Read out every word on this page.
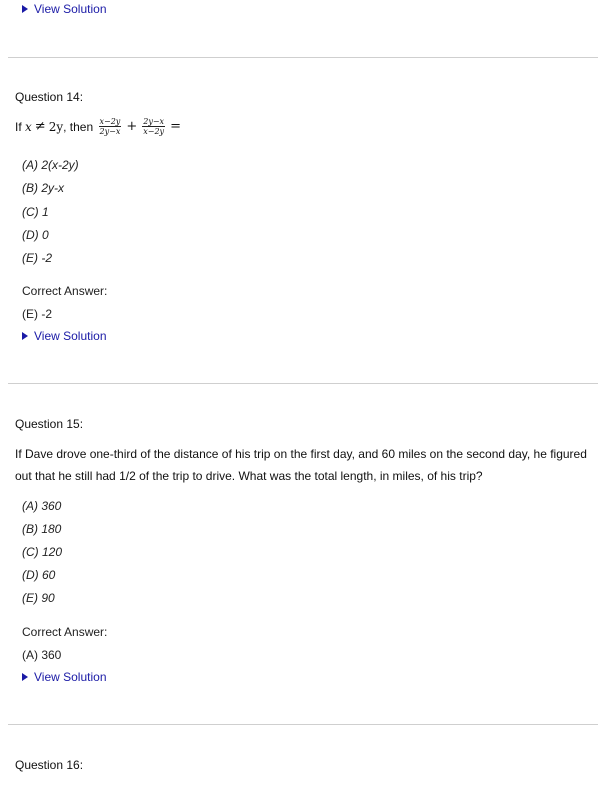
View Solution
Question 14:
If
x ≠ 2y , then
$\frac{x-2y}{2y-x} + \frac{2y-x}{x-2y}$ =
(A) 2(x-2y)
(B) 2y-x
(C) 1
(D) 0
(E) -2
Correct Answer:
(E) -2
View Solution
Question 15:
If Dave drove one-third of the distance of his trip on the first day, and 60 miles on the second day, he figured out that he still had 1/2 of the trip to drive. What was the total length, in miles, of his trip?
(A) 360
(B) 180
(C) 120
(D) 60
(E) 90
Correct Answer:
(A) 360
View Solution
Question 16:
